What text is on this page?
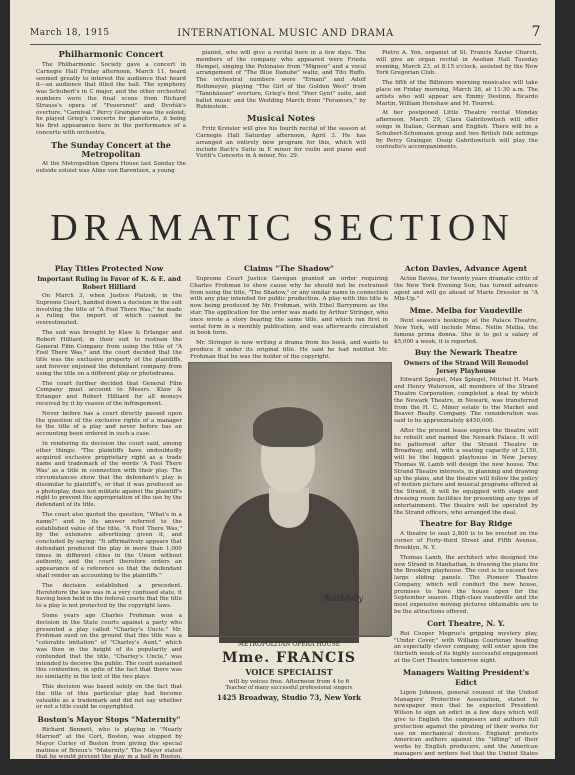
March 18, 1915	INTERNATIONAL MUSIC AND DRAMA	7
Philharmonic Concert

The Philharmonic Society gave a concert in Carnegie Hall Friday afternoon, March 11, heard seemed greatly to interest the audience that heard it—an audience that filled the hall. The symphony was Schubert's in C major, and the other orchestral numbers were the final scene from Richard Strauss's opera of "Feuersnot" and Dvořák's overture, "Carnival." Percy Grainger was the soloist; he played Grieg's concerto for pianoforte, it being his first appearance here in the performance of a concerto with orchestra.

The Sunday Concert at the Metropolitan

At the Metropolitan Opera House last Sunday the outside soloist was Aline van Barentzen, a young

pianist, who will give a recital here in a few days. The members of the company who appeared were Frieda Hempel, singing the Polonaise from "Mignon" and a vocal arrangement of "The Blue Danube" waltz, and Tito Ruffo. The orchestral numbers were "Ernani" and Adolf Rothmeyer, playing "The Girl of the Golden West" from "Tannhäuser" overture, Grieg's first "Peer Gynt" suite, and ballet music and the Wedding March from "Feramors," by Rubinstein.

Musical Notes

Fritz Kreisler will give his fourth recital of the season at Carnegie Hall Saturday afternoon, April 3. He has arranged an entirely new program for this, which will include Bach's Suite in E minor for violin and piano and Viotti's Concerto in A minor, No. 29.

Pietro A. Yon, organist of St. Francis Xavier Church, will give an organ recital in Aeolian Hall Tuesday evening, March 23, at 8:15 o'clock, assisted by the New York Gregorian Club.

The fifth of the Biltmore morning musicales will take place on Friday morning, March 26, at 11:30 a.m. The artists who will appear are Emmy Destinn, Ricardo Martin, William Henshaw and M. Tourret.

At her postponed Little Theatre recital Monday afternoon, March 29, Clara Gabrilowitsch will offer songs in Italian, German and English. There will be a Schubert-Schumann group and two British folk settings by Percy Grainger. Ossip Gabrilowitsch will play the contralto's accompaniments.

DRAMATIC SECTION
Play Titles Protected Now
Important Ruling in Favor of K. & E. and Robert Hilliard

On March 3, when Justice Platzek, in the Supreme Court, handed down a decision in the suit involving the title of "A Fool There Was," he made a ruling the import of which cannot be overestimated.

The suit was brought by Klaw & Erlanger and Robert Hilliard, in their suit to restrain the General Film Company from using the title of "A Fool There Was," and the court decided that the title was the exclusive property of the plaintiffs, and forever enjoined the defendant company from using the title on a different play or photodrama.

The court further decided that General Film Company must account to Messrs. Klaw & Erlanger and Robert Hilliard for all moneys received by it by reason of the infringement.

Never before has a court directly passed upon the question of the exclusive rights of a manager to the title of a play and never before has an accounting been ordered in such a case.

In rendering its decision the court said, among other things: "The plaintiffs have undoubtedly acquired exclusive proprietary right as a trade name and trademark of the words 'A Fool There Was' as a title in connection with their play. The circumstances show that the defendant's play is dissimilar to plaintiff's, or that it was produced as a photoplay, does not militate against the plaintiff's right to prevent the appropriation of the use by the defendant of its title.

The court also quoted the question, "What's in a name?" and in its answer referred to the established value of the title, "A Fool There Was," by the extensive advertising given it, and concluded by saying: "It affirmatively appears that defendant produced the play in more than 1,000 times in different cities in the Union without authority, and the court therefore orders an appearance of a reference so that the defendant shall render an accounting to the plaintiffs."

The decision established a precedent. Heretofore the law was in a very confused state, it having been held in the federal courts that the title to a play is not protected by the copyright laws.

Some years ago Charles Frohman won a decision in the State courts against a party who presented a play called "Charley's Uncle." Mr. Frohman sued on the ground that this title was a "colorable imitation" of "Charley's Aunt," which was then in the height of its popularity and contended that the title, "Charley's Uncle," was intended to deceive the public. The court sustained this contention, in spite of the fact that there was no similarity in the text of the two plays.

This decision was based solely on the fact that the title of this particular play had become valuable as a trademark and did not say whether or not a title could be copyrighted.

Boston's Mayor Stops "Maternity"

Richard Bennett, who is playing in "Nearly Married" at the Cort, Boston, was stopped by Mayor Curley of Boston from giving the special matinee of Brieux's "Maternity." The Mayor stated that he would prevent the play in a hall in Boston, despite the Mayor, who had threatened to cancel the Cort's license if the play was given.

Claims "The Shadow"

Supreme Court Justice Gavegan granted an order requiring Charles Frohman to show cause why he should not be restrained from using the title, "The Shadow," or any similar name in connection with any play intended for public production. A play with this title is now being produced by Mr. Frohman, with Ethel Barrymore as the star. The application for the order was made by Arthur Stringer, who once wrote a story bearing the same title, and which ran first in serial form in a monthly publication, and was afterwards circulated in book form.

Mr. Stringer is now writing a drama from his book, and wants to produce it under its original title. He said he had notified Mr. Frohman that he was the holder of the copyright.

Faithfully
METROPOLITAN OPERA HOUSE
Mme. FRANCIS
VOICE SPECIALIST
will by voices free. Afternoon from 4 to 6
Teacher of many successful professional singers
1425 Broadway, Studio 73, New York
Acton Davies, Advance Agent

Acton Davies, for twenty years dramatic critic of the New York Evening Sun, has turned advance agent and will go ahead of Marie Dressler in "A Mix-Up."

Mme. Melba for Vaudeville

Next season's bookings at the Palace Theatre, New York, will include Mme. Nellie Melba, the famous prima donna. She is to get a salary of $5,000 a week, it is reported.

Buy the Newark Theatre
Owners of the Strand Will Remodel Jersey Playhouse

Edward Spiegel, Max Spiegel, Mitchel H. Mark and Henry Waterson, all members of the Strand Theatre Corporation, completed a deal by which the Newark Theatre, in Newark, was transferred from the H. C. Miner estate to the Market and Beaver Realty Company. The consideration was said to be approximately $450,000.

After the present lease expires the theatre will be rebuilt and named the Newark Palace. It will be patterned after the Strand Theatre in Broadway, and, with a seating capacity of 2,150, will be the biggest playhouse in New Jersey. Thomas W. Lamb will design the new house. The Strand Theatre interests, in planning and drawing up the plans, and the theatre will follow the policy of motion picture and musical programs offered at the Strand, it will be equipped with stage and dressing room facilities for presenting any type of entertainment. The theatre will be operated by the Strand officers, who arranged the deal.

Theatre for Bay Ridge

A theatre to seat 2,800 is to be erected on the corner of Forty-third Street and Fifth Avenue, Brooklyn, N. Y.

Thomas Lamb, the architect who designed the new Strand in Manhattan, is drawing the plans for the Brooklyn playhouse. The cost is to exceed two large sliding panels. The Pioneer Theatre Company, which will conduct the new house, promises to have the house open for the September season. High-class vaudeville and the most expensive moving pictures obtainable are to be the attractions offered.

Cort Theatre, N. Y.

Roi Cooper Megrue's gripping mystery play, "Under Cover," with William Courtenay heading an especially clever company, will enter upon the thirtieth week of its highly successful engagement at the Cort Theatre tomorrow night.

Managers Waiting President's Edict

Ligon Johnson, general counsel of the United Managers' Protective Association, stated to newspaper men that he expected President Wilson to sign an edict in a few days which will give to English the composers and authors full protection against the pirating of their works for use on mechanical devices. England protects American authors against the "lifting" of their works by English producers, and the American managers and writers feel that the United States should reciprocate.
